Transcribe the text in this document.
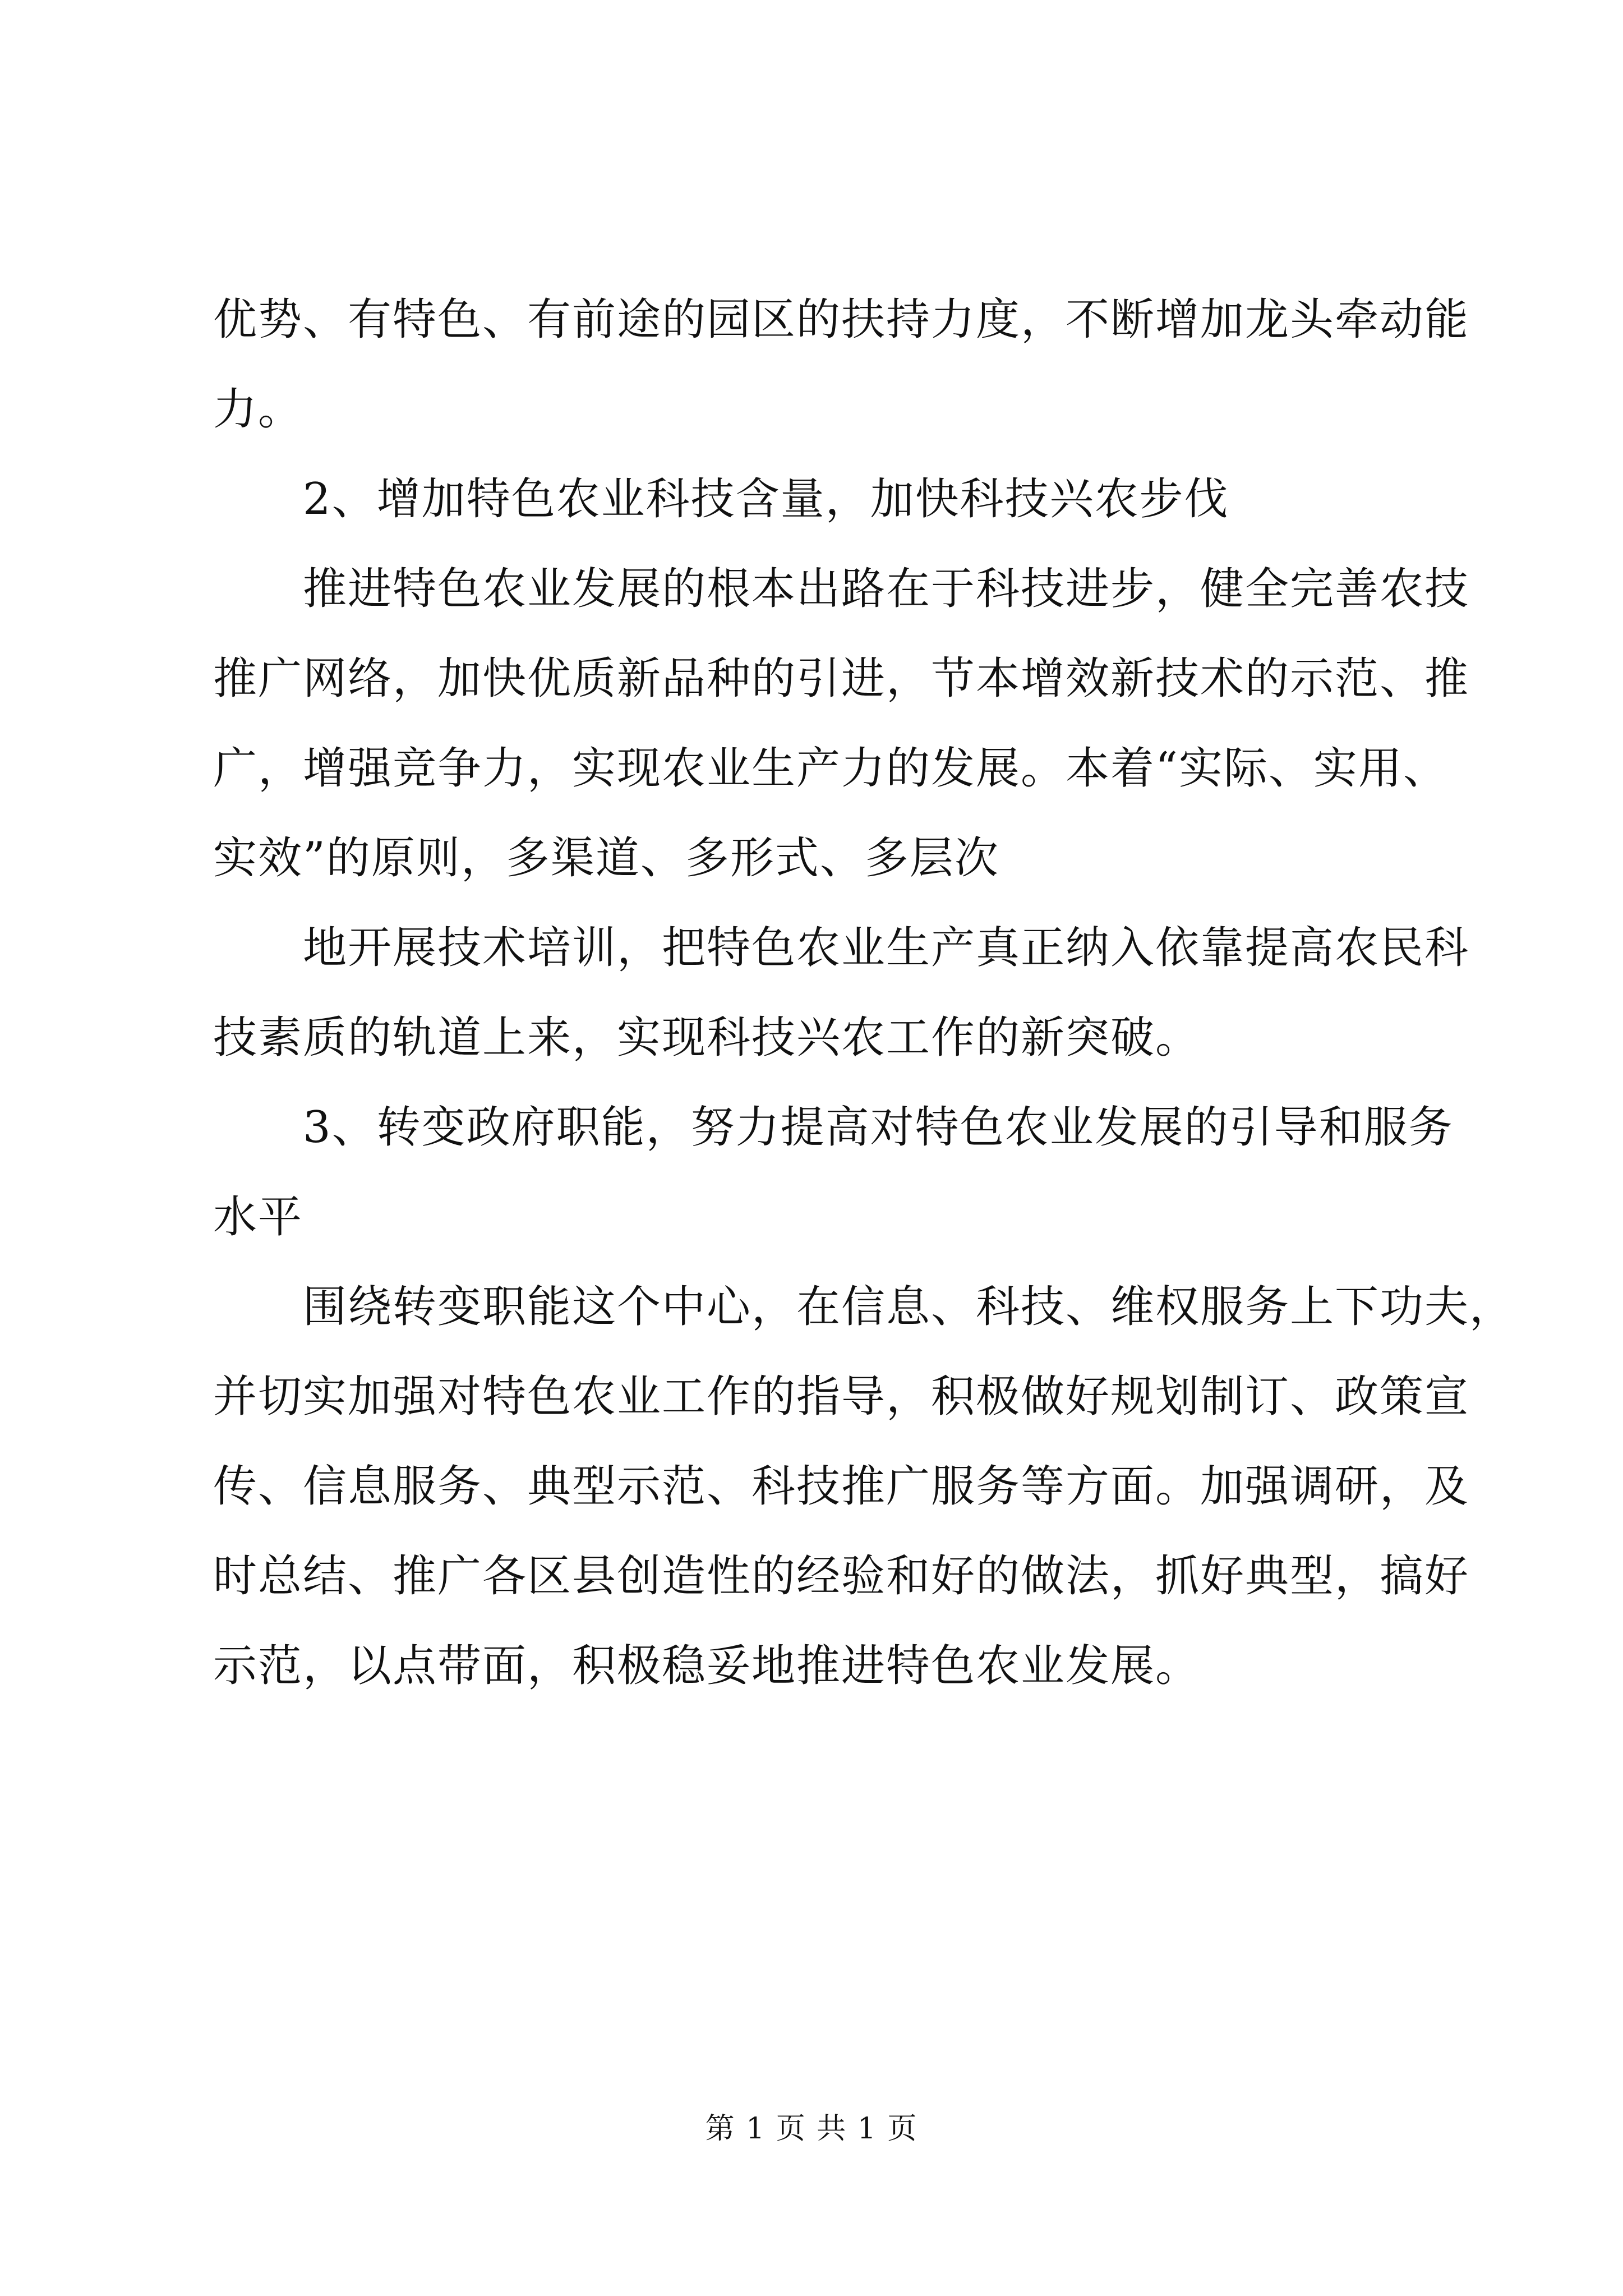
优势、有特色、有前途的园区的扶持力度，不断增加龙头牵动能
力。
2、增加特色农业科技含量，加快科技兴农步伐
推进特色农业发展的根本出路在于科技进步，健全完善农技
推广网络，加快优质新品种的引进，节本增效新技术的示范、推
广，增强竞争力，实现农业生产力的发展。本着“实际、实用、
实效”的原则，多渠道、多形式、多层次
地开展技术培训，把特色农业生产真正纳入依靠提高农民科
技素质的轨道上来，实现科技兴农工作的新突破。
3、转变政府职能，努力提高对特色农业发展的引导和服务
水平
围绕转变职能这个中心，在信息、科技、维权服务上下功夫，
并切实加强对特色农业工作的指导，积极做好规划制订、政策宣
传、信息服务、典型示范、科技推广服务等方面。加强调研，及
时总结、推广各区县创造性的经验和好的做法，抓好典型，搞好
示范，以点带面，积极稳妥地推进特色农业发展。
第 1 页 共 1 页
